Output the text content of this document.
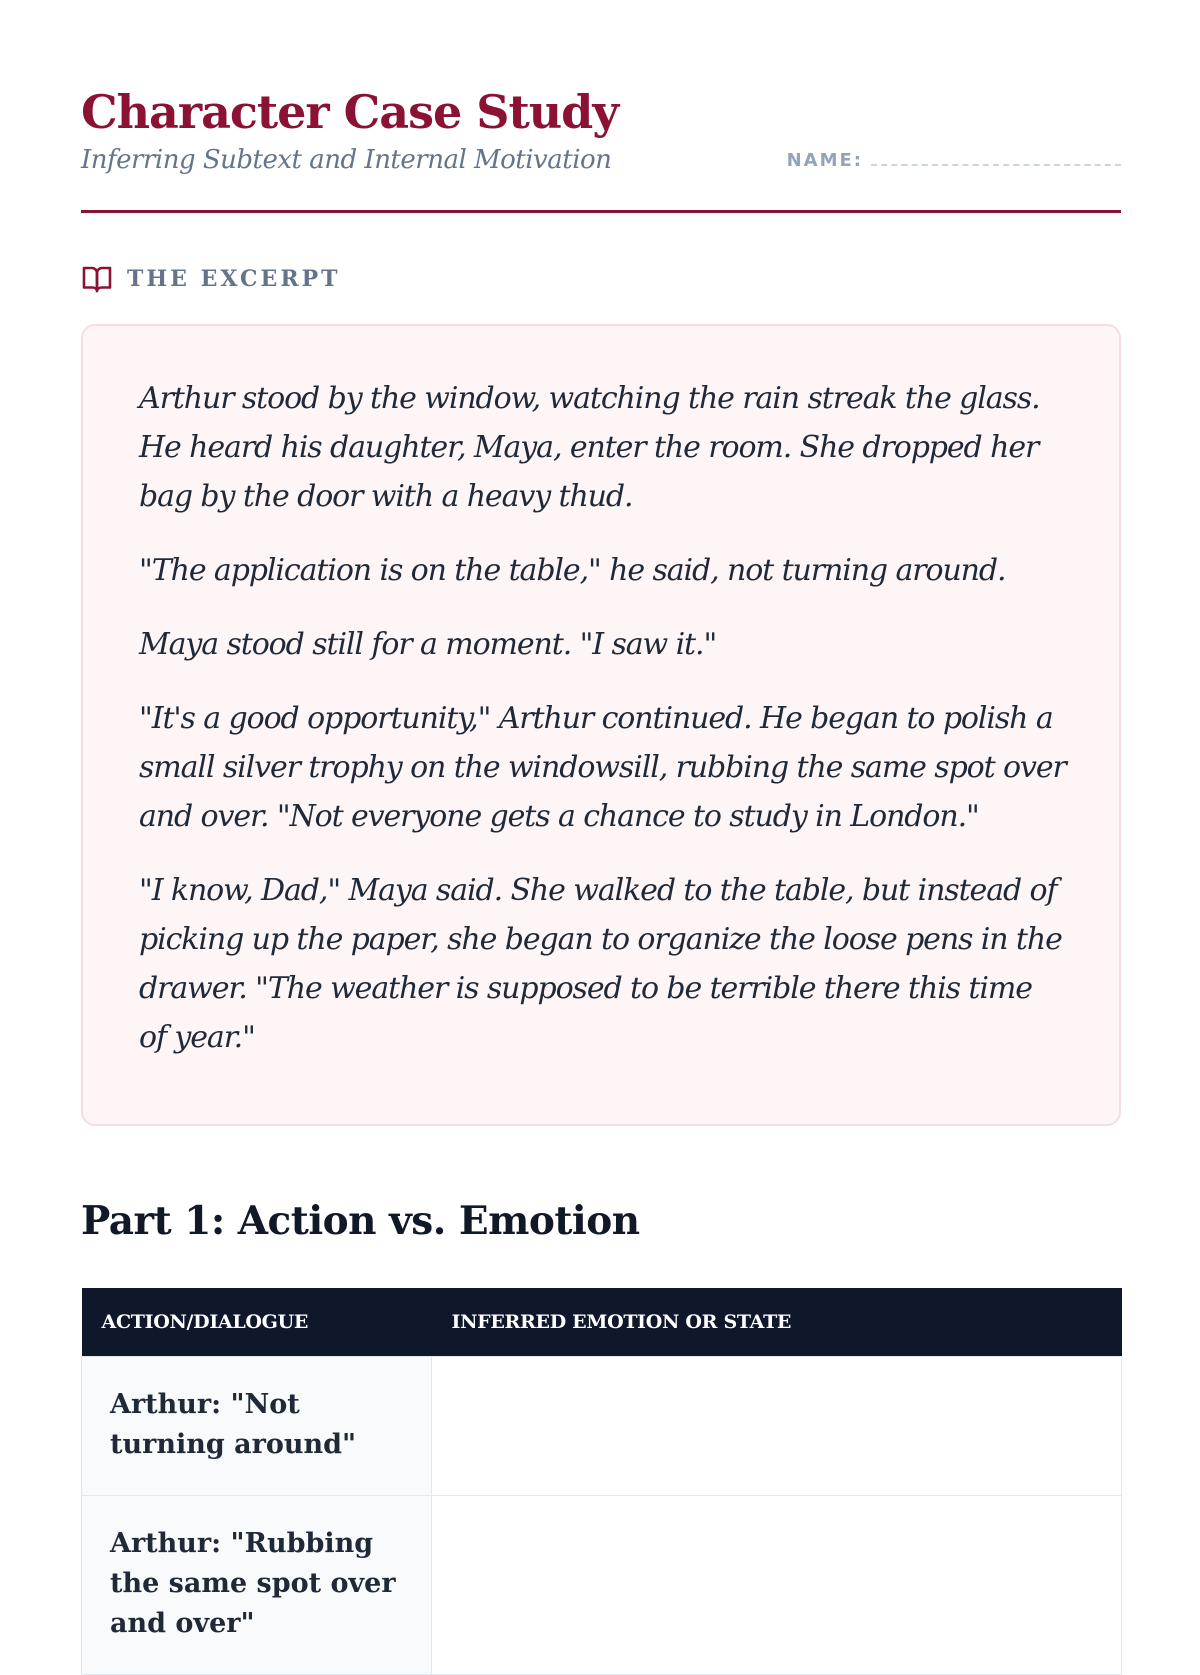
Character Case Study
Inferring Subtext and Internal Motivation	NAME:
THE EXCERPT

Arthur stood by the window, watching the rain streak the glass. He heard his daughter, Maya, enter the room. She dropped her bag by the door with a heavy thud.

"The application is on the table," he said, not turning around.

Maya stood still for a moment. "I saw it."

"It's a good opportunity," Arthur continued. He began to polish a small silver trophy on the windowsill, rubbing the same spot over and over. "Not everyone gets a chance to study in London."

"I know, Dad," Maya said. She walked to the table, but instead of picking up the paper, she began to organize the loose pens in the drawer. "The weather is supposed to be terrible there this time of year."

Part 1: Action vs. Emotion
ACTION/DIALOGUE	INFERRED EMOTION OR STATE
Arthur: "Not turning around"	
Arthur: "Rubbing the same spot over and over"	
